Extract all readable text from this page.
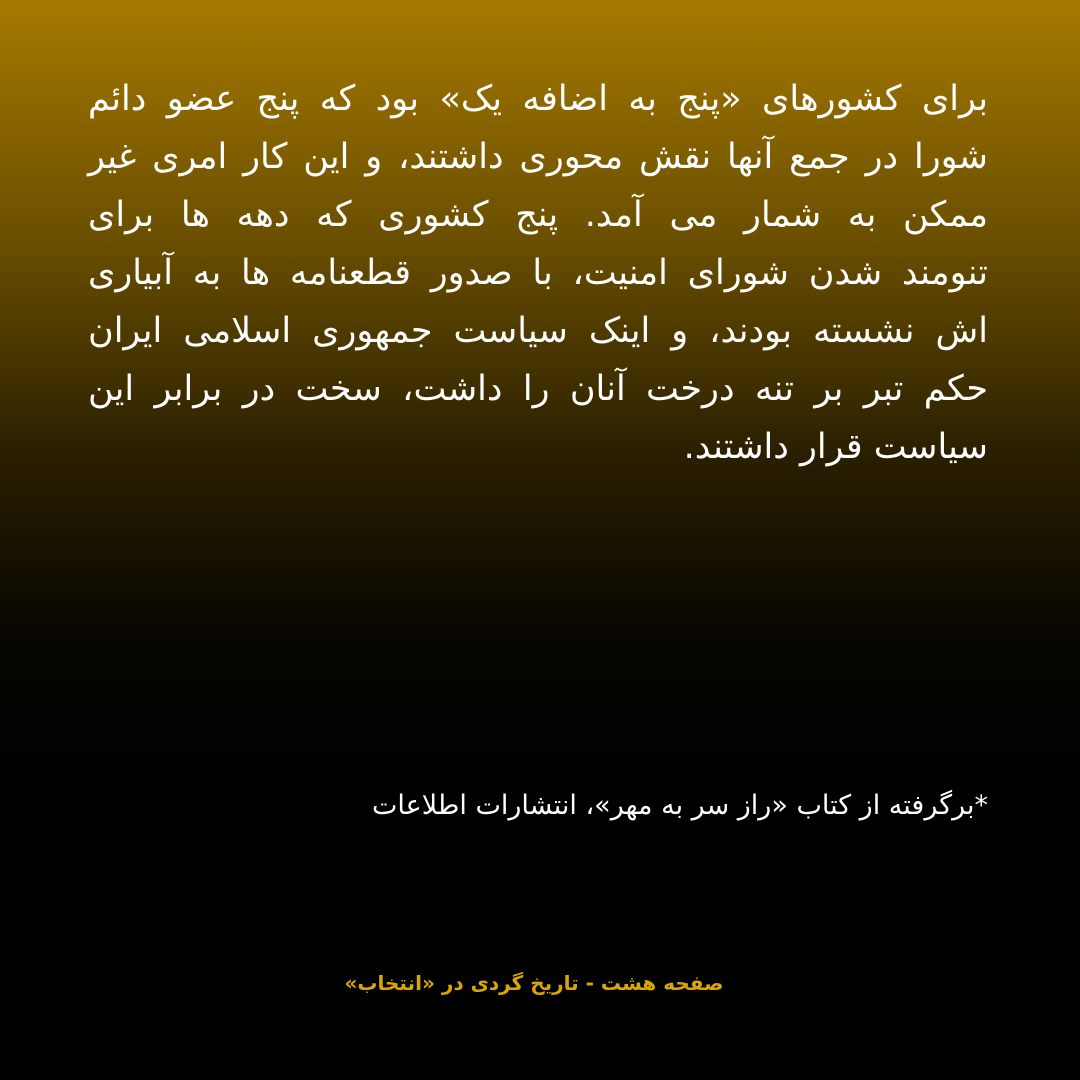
برای کشورهای «پنج به اضافه یک» بود که پنج عضو دائم
شورا در جمع آنها نقش محوری داشتند، و این کار امری غیر
ممکن به شمار می آمد. پنج کشوری که دهه ها برای
تنومند شدن شورای امنیت، با صدور قطعنامه ها به آبیاری
اش نشسته بودند، و اینک سیاست جمهوری اسلامی ایران
حکم تبر بر تنه درخت آنان را داشت، سخت در برابر این
سیاست قرار داشتند.
*برگرفته از کتاب «راز سر به مهر»، انتشارات اطلاعات
صفحه هشت - تاریخ گردی در «انتخاب»
